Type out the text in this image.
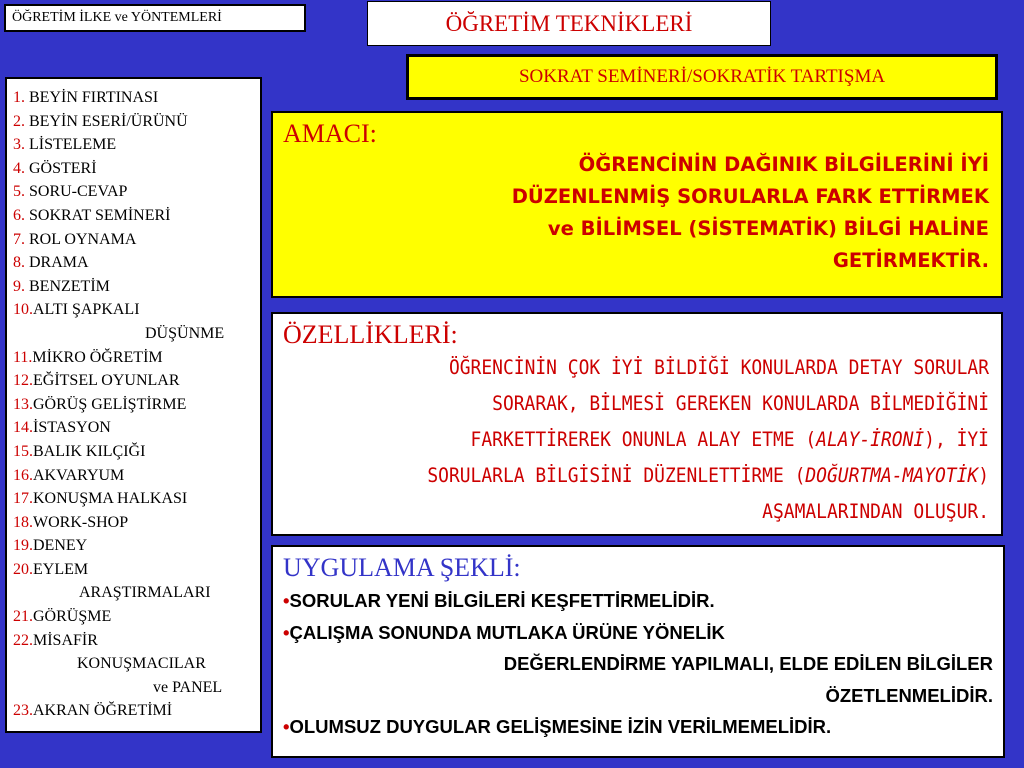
ÖĞRETİM İLKE ve YÖNTEMLERİ	ÖĞRETİM TEKNİKLERİ
SOKRAT SEMİNERİ/SOKRATİK TARTIŞMA
1. BEYİN FIRTINASI
2. BEYİN ESERİ/ÜRÜNÜ
3. LİSTELEME
4. GÖSTERİ
5. SORU-CEVAP
6. SOKRAT SEMİNERİ
7. ROL OYNAMA
8. DRAMA
9. BENZETİM
10.ALTI ŞAPKALI
DÜŞÜNME
11.MİKRO ÖĞRETİM
12.EĞİTSEL OYUNLAR
13.GÖRÜŞ GELİŞTİRME
14.İSTASYON
15.BALIK KILÇIĞI
16.AKVARYUM
17.KONUŞMA HALKASI
18.WORK-SHOP
19.DENEY
20.EYLEM
ARAŞTIRMALARI
21.GÖRÜŞME
22.MİSAFİR
KONUŞMACILAR
ve PANEL
23.AKRAN ÖĞRETİMİ
AMACI:
ÖĞRENCİNİN DAĞINIK BİLGİLERİNİ İYİ
DÜZENLENMİŞ SORULARLA FARK ETTİRMEK
ve BİLİMSEL (SİSTEMATİK) BİLGİ HALİNE
GETİRMEKTİR.
ÖZELLİKLERİ:
ÖĞRENCİNİN ÇOK İYİ BİLDİĞİ KONULARDA DETAY SORULAR
SORARAK, BİLMESİ GEREKEN KONULARDA BİLMEDİĞİNİ
FARKETTİREREK ONUNLA ALAY ETME (ALAY-İRONİ), İYİ
SORULARLA BİLGİSİNİ DÜZENLETTİRME (DOĞURTMA-MAYOTİK)
AŞAMALARINDAN OLUŞUR.
UYGULAMA ŞEKLİ:
•SORULAR YENİ BİLGİLERİ KEŞFETTİRMELİDİR.
•ÇALIŞMA SONUNDA MUTLAKA ÜRÜNE YÖNELİK
DEĞERLENDİRME YAPILMALI, ELDE EDİLEN BİLGİLER
ÖZETLENMELİDİR.
•OLUMSUZ DUYGULAR GELİŞMESİNE İZİN VERİLMEMELİDİR.
